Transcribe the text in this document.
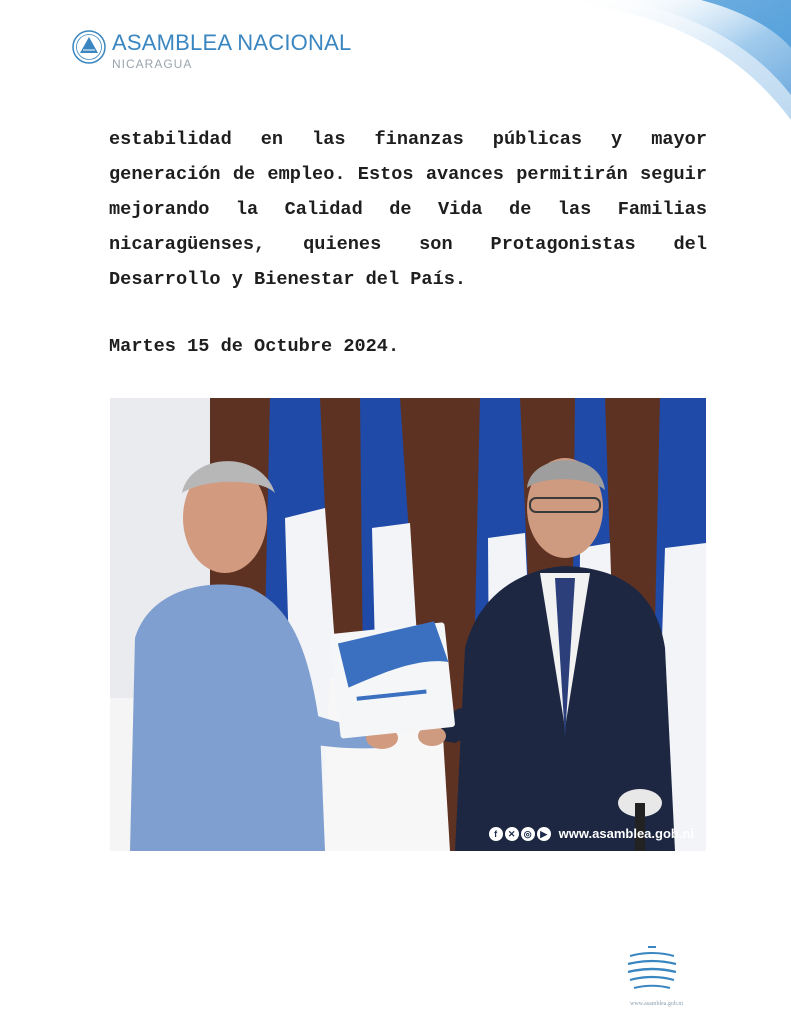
ASAMBLEA NACIONAL
NICARAGUA

estabilidad en las finanzas públicas y mayor generación de empleo. Estos avances permitirán seguir mejorando la Calidad de Vida de las Familias nicaragüenses, quienes son Protagonistas del Desarrollo y Bienestar del País.

Martes 15 de Octubre 2024.

f	✕ ◎ ▶ www.asamblea.gob.ni
www.asamblea.gob.ni
